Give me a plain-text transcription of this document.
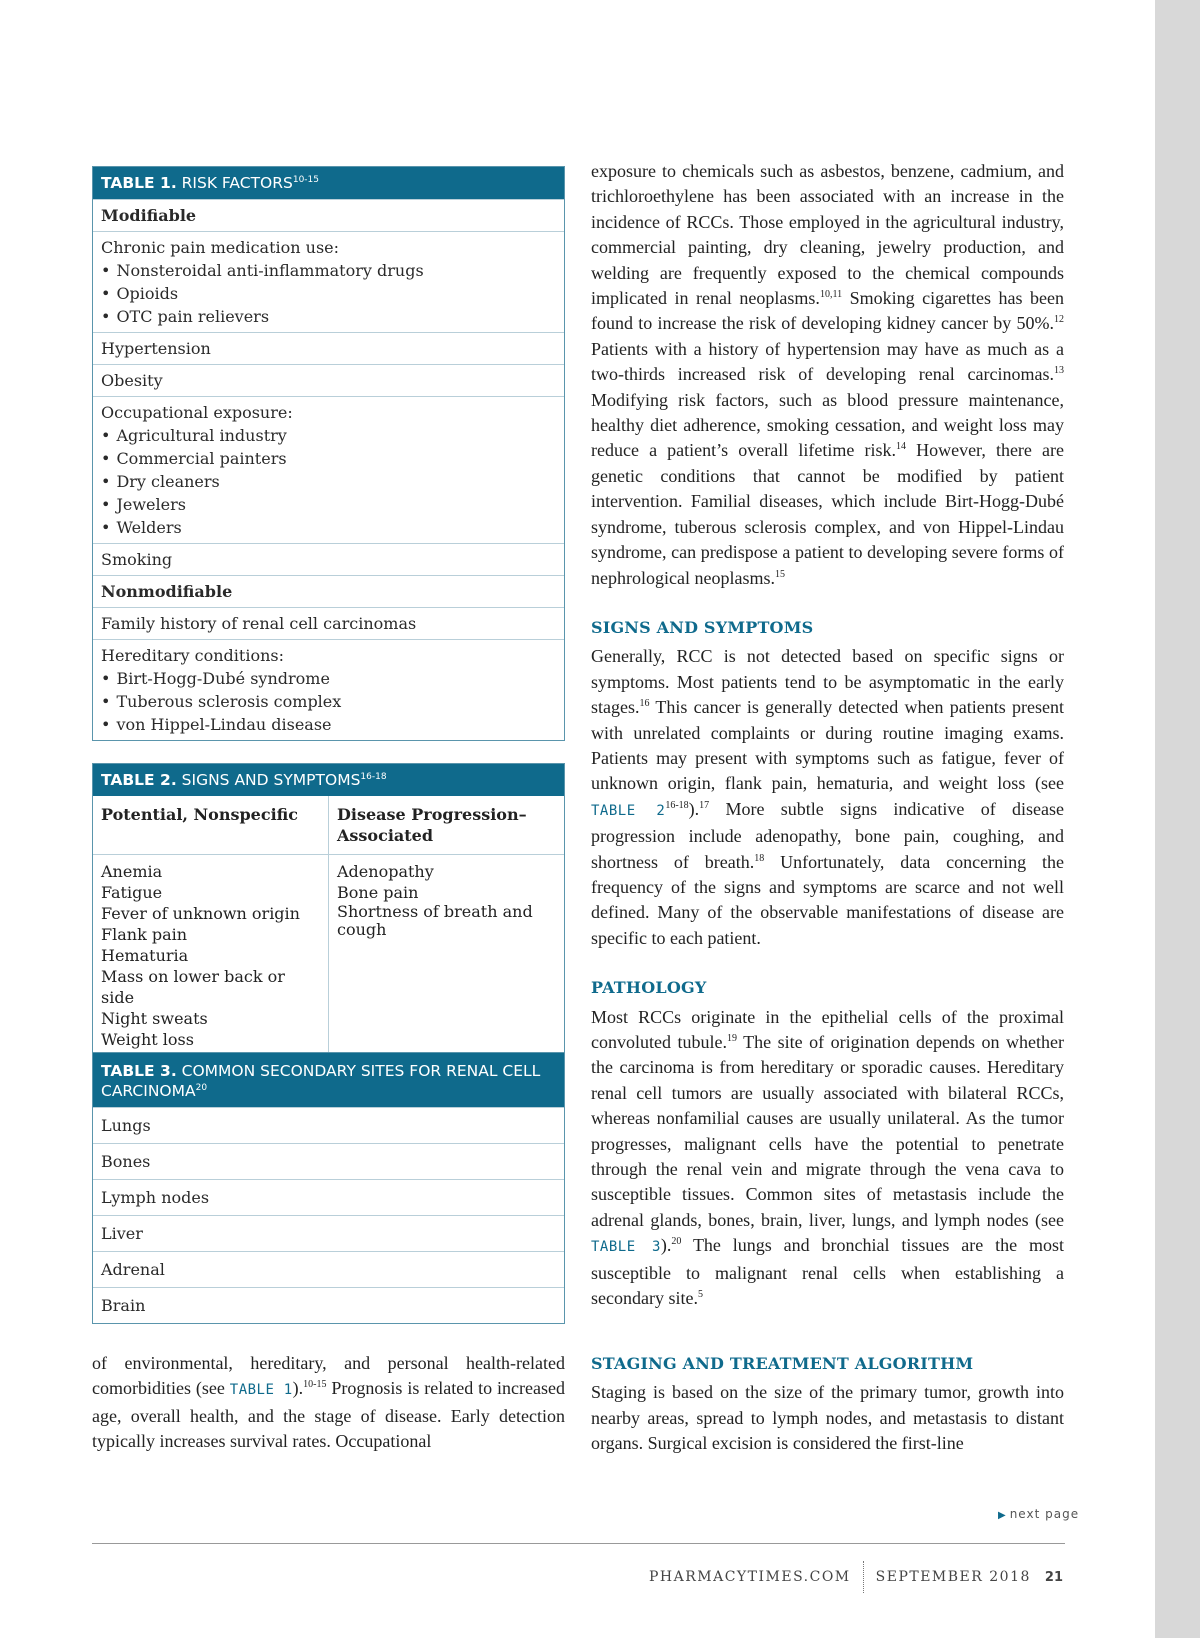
TABLE 1. RISK FACTORS$^{10-15}$
Modifiable
Chronic pain medication use:
• Nonsteroidal anti-inflammatory drugs
• Opioids
• OTC pain relievers
Hypertension
Obesity
Occupational exposure:
• Agricultural industry
• Commercial painters
• Dry cleaners
• Jewelers
• Welders
Smoking
Nonmodifiable
Family history of renal cell carcinomas
Hereditary conditions:
• Birt-Hogg-Dubé syndrome
• Tuberous sclerosis complex
• von Hippel-Lindau disease
TABLE 2. SIGNS AND SYMPTOMS$^{16-18}$
Potential, Nonspecific	Disease Progression–Associated
Anemia
Fatigue
Fever of unknown origin
Flank pain
Hematuria
Mass on lower back or side
Night sweats
Weight loss
Adenopathy
Bone pain
Shortness of breath and cough
TABLE 3. COMMON SECONDARY SITES FOR RENAL CELL CARCINOMA$^{20}$
Lungs
Bones
Lymph nodes
Liver
Adrenal
Brain

of environmental, hereditary, and personal health-related comorbidities (see TABLE 1).$^{10-15}$ Prognosis is related to increased age, overall health, and the stage of disease. Early detection typically increases survival rates. Occupational

exposure to chemicals such as asbestos, benzene, cadmium, and trichloroethylene has been associated with an increase in the incidence of RCCs. Those employed in the agricultural industry, commercial painting, dry cleaning, jewelry production, and welding are frequently exposed to the chemical compounds implicated in renal neoplasms.$^{10,11}$ Smoking cigarettes has been found to increase the risk of developing kidney cancer by 50%.$^{12}$ Patients with a history of hypertension may have as much as a two-thirds increased risk of developing renal carcinomas.$^{13}$ Modifying risk factors, such as blood pressure maintenance, healthy diet adherence, smoking cessation, and weight loss may reduce a patient’s overall lifetime risk.$^{14}$ However, there are genetic conditions that cannot be modified by patient intervention. Familial diseases, which include Birt-Hogg-Dubé syndrome, tuberous sclerosis complex, and von Hippel-Lindau syndrome, can predispose a patient to developing severe forms of nephrological neoplasms.$^{15}$

SIGNS AND SYMPTOMS

Generally, RCC is not detected based on specific signs or symptoms. Most patients tend to be asymptomatic in the early stages.$^{16}$ This cancer is generally detected when patients present with unrelated complaints or during routine imaging exams. Patients may present with symptoms such as fatigue, fever of unknown origin, flank pain, hematuria, and weight loss (see TABLE 2$^{16-18}$).$^{17}$ More subtle signs indicative of disease progression include adenopathy, bone pain, coughing, and shortness of breath.$^{18}$ Unfortunately, data concerning the frequency of the signs and symptoms are scarce and not well defined. Many of the observable manifestations of disease are specific to each patient.

PATHOLOGY

Most RCCs originate in the epithelial cells of the proximal convoluted tubule.$^{19}$ The site of origination depends on whether the carcinoma is from hereditary or sporadic causes. Hereditary renal cell tumors are usually associated with bilateral RCCs, whereas nonfamilial causes are usually unilateral. As the tumor progresses, malignant cells have the potential to penetrate through the renal vein and migrate through the vena cava to susceptible tissues. Common sites of metastasis include the adrenal glands, bones, brain, liver, lungs, and lymph nodes (see TABLE 3).$^{20}$ The lungs and bronchial tissues are the most susceptible to malignant renal cells when establishing a secondary site.$^5$

STAGING AND TREATMENT ALGORITHM

Staging is based on the size of the primary tumor, growth into nearby areas, spread to lymph nodes, and metastasis to distant organs. Surgical excision is considered the first-line

▶ next page
PHARMACYTIMES.COM SEPTEMBER 2018 21
